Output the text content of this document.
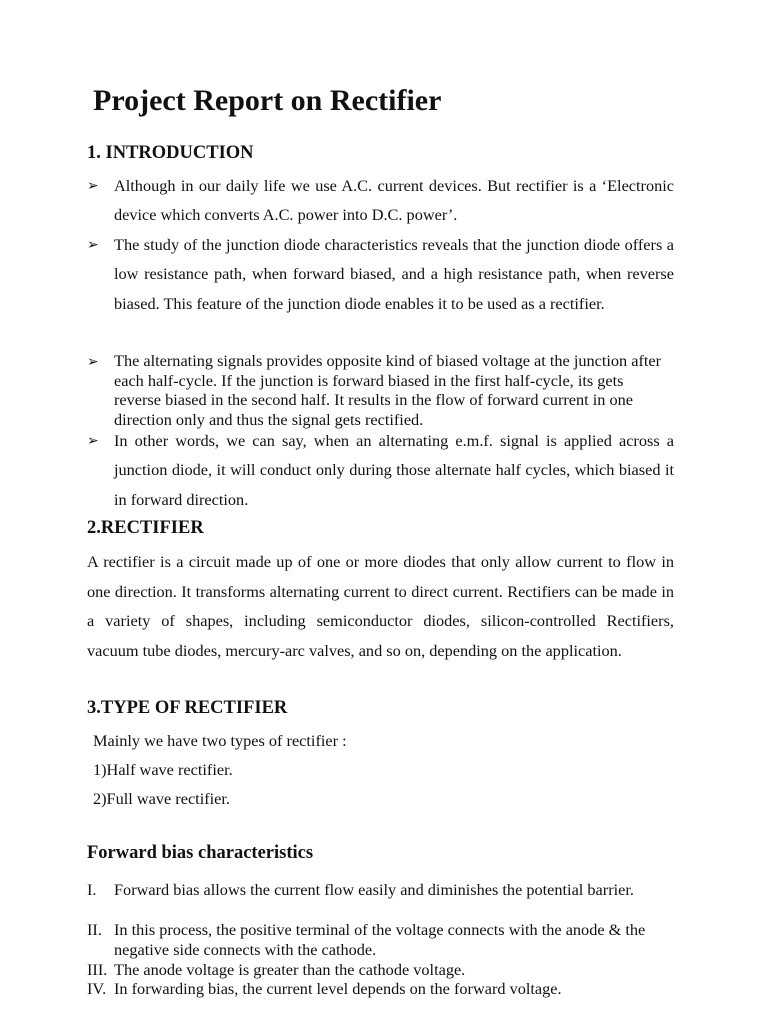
Project Report on Rectifier
1. INTRODUCTION
➢ Although in our daily life we use A.C. current devices. But rectifier is a ‘Electronic device which converts A.C. power into D.C. power’.

➢ The study of the junction diode characteristics reveals that the junction diode offers a low resistance path, when forward biased, and a high resistance path, when reverse biased. This feature of the junction diode enables it to be used as a rectifier.

➢ The alternating signals provides opposite kind of biased voltage at the junction after each half-cycle. If the junction is forward biased in the first half-cycle, its gets reverse biased in the second half. It results in the flow of forward current in one direction only and thus the signal gets rectified.

➢ In other words, we can say, when an alternating e.m.f. signal is applied across a junction diode, it will conduct only during those alternate half cycles, which biased it in forward direction.

2.RECTIFIER

A rectifier is a circuit made up of one or more diodes that only allow current to flow in one direction. It transforms alternating current to direct current. Rectifiers can be made in a variety of shapes, including semiconductor diodes, silicon-controlled Rectifiers, vacuum tube diodes, mercury-arc valves, and so on, depending on the application.

3.TYPE OF RECTIFIER

Mainly we have two types of rectifier :

1)Half wave rectifier.

2)Full wave rectifier.

Forward bias characteristics
I. Forward bias allows the current flow easily and diminishes the potential barrier.

II. In this process, the positive terminal of the voltage connects with the anode & the negative side connects with the cathode.

III. The anode voltage is greater than the cathode voltage.

IV. In forwarding bias, the current level depends on the forward voltage.
